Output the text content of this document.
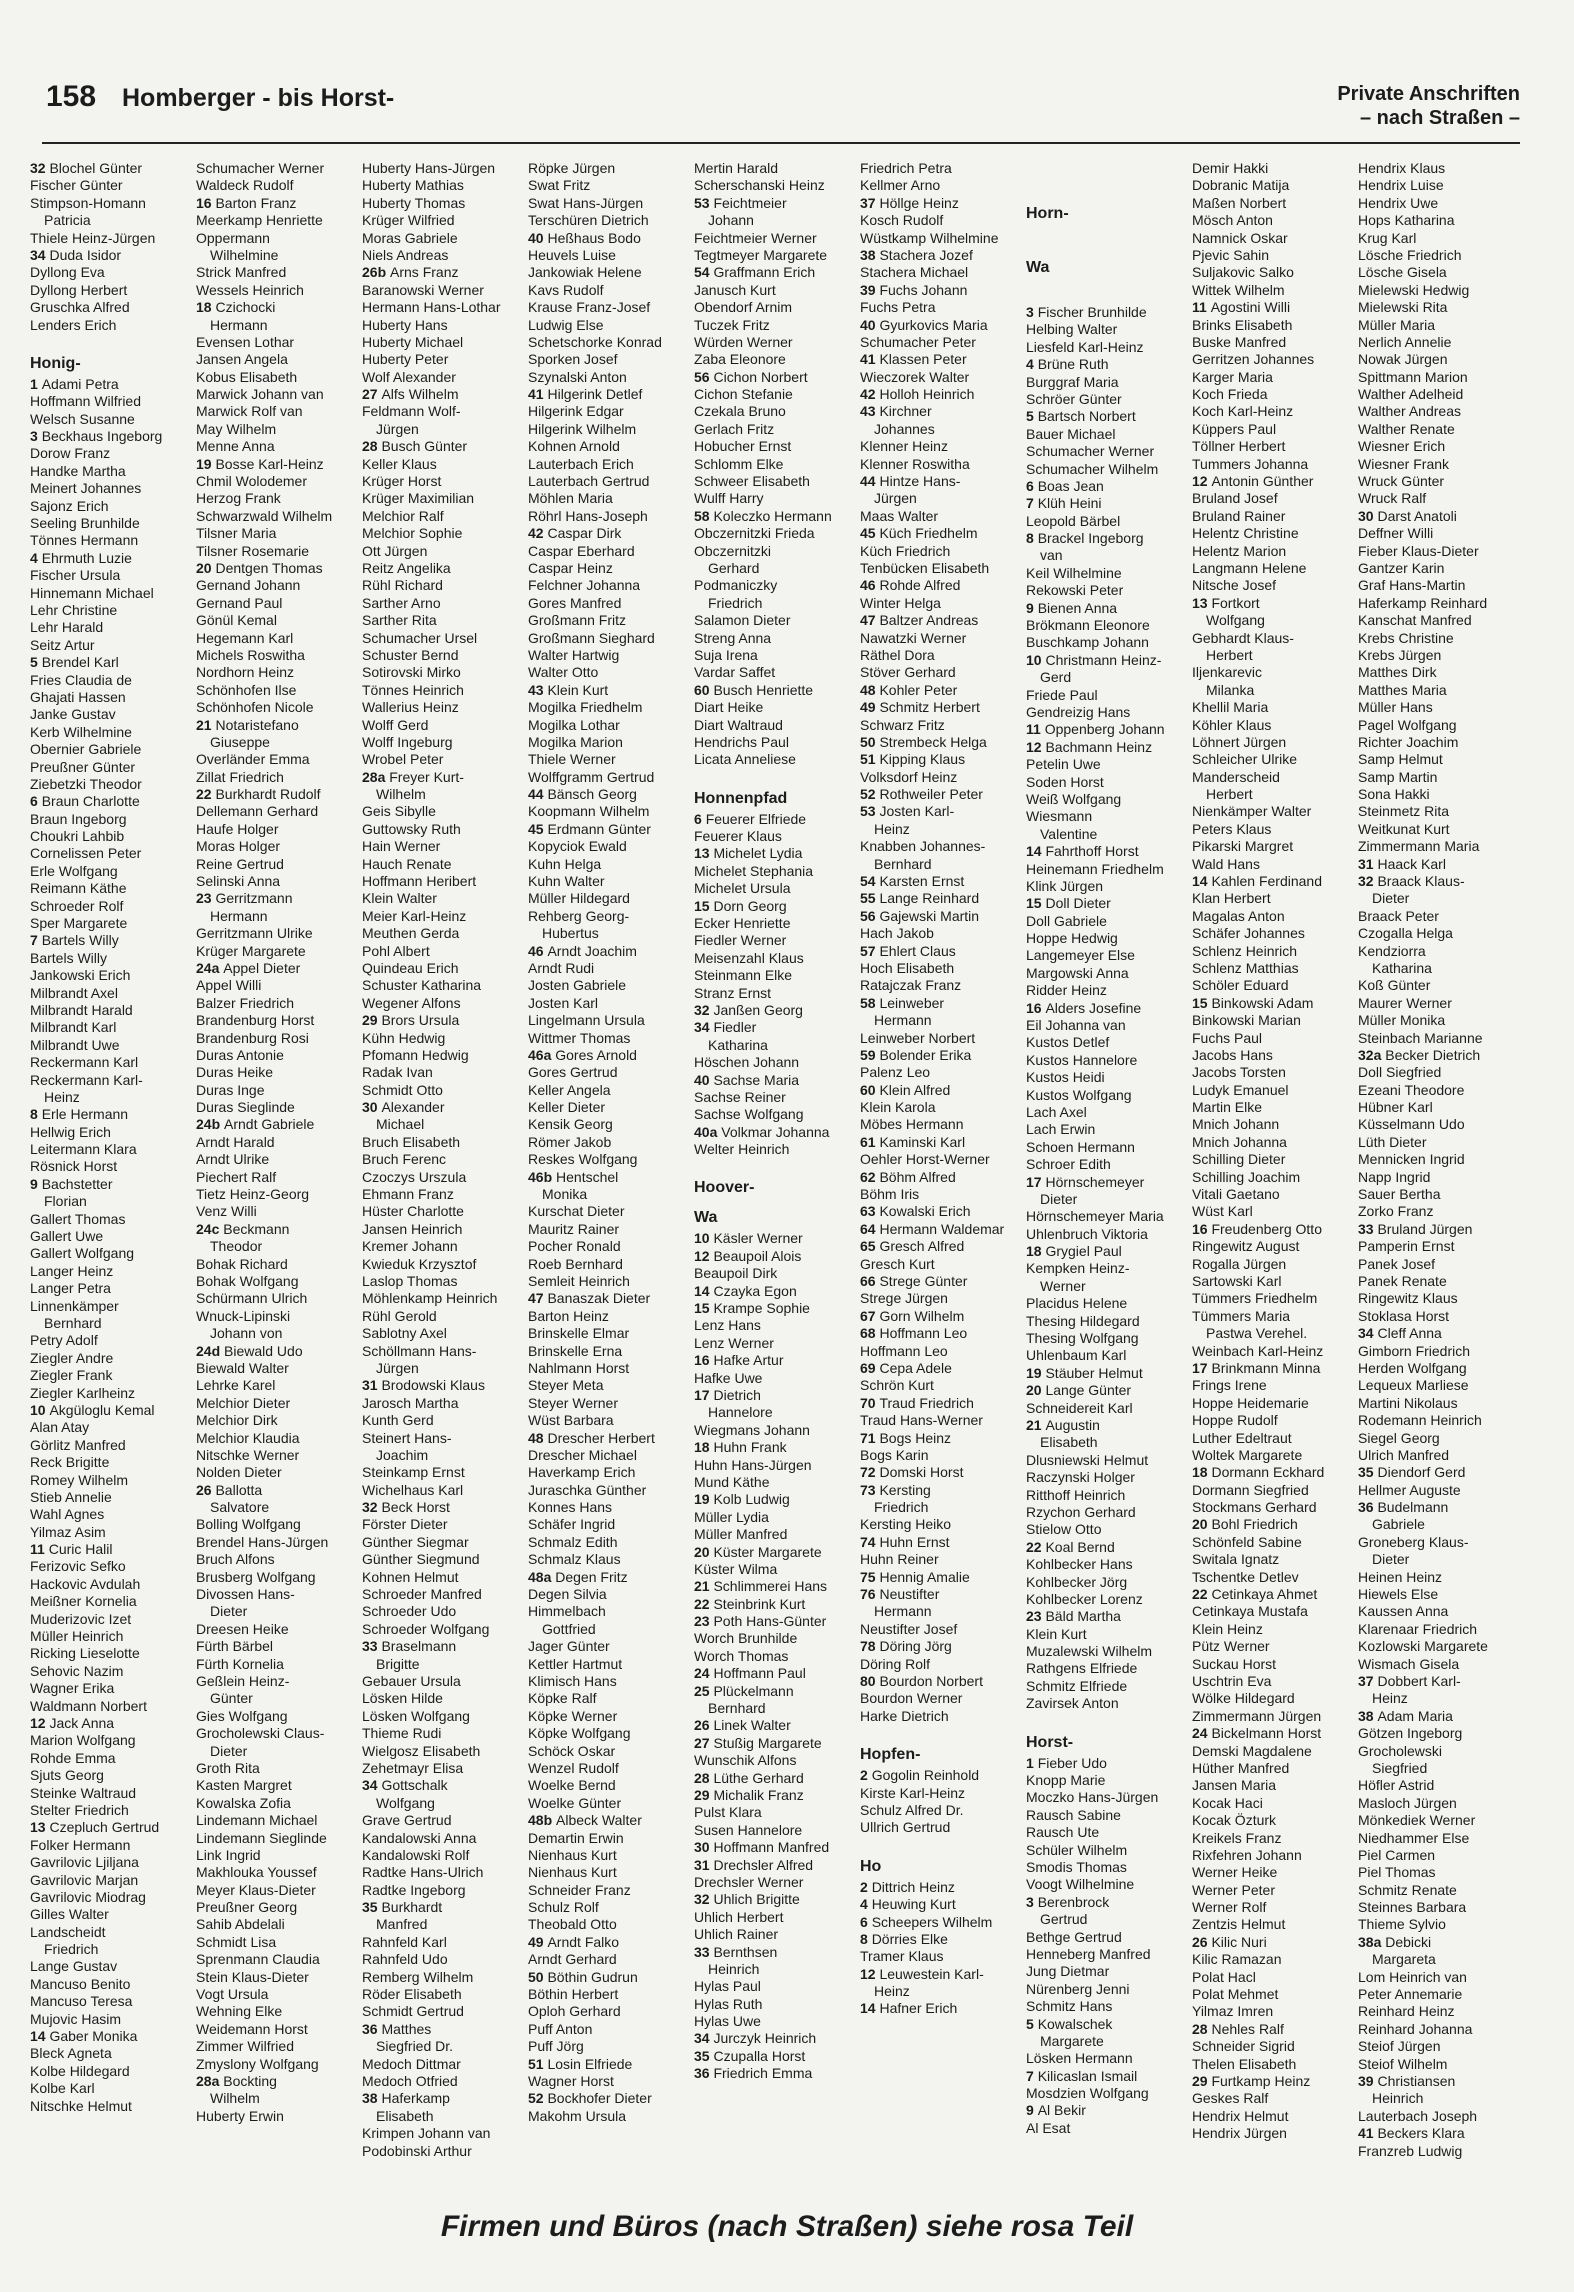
158 Homberger - bis Horst-	Private Anschriften
– nach Straßen –
32 Blochel Günter
Fischer Günter
Stimpson-Homann
Patricia
Thiele Heinz-Jürgen
34 Duda Isidor
Dyllong Eva
Dyllong Herbert
Gruschka Alfred
Lenders Erich
Honig-
1 Adami Petra
Hoffmann Wilfried
Welsch Susanne
3 Beckhaus Ingeborg
Dorow Franz
Handke Martha
Meinert Johannes
Sajonz Erich
Seeling Brunhilde
Tönnes Hermann
4 Ehrmuth Luzie
Fischer Ursula
Hinnemann Michael
Lehr Christine
Lehr Harald
Seitz Artur
5 Brendel Karl
Fries Claudia de
Ghajati Hassen
Janke Gustav
Kerb Wilhelmine
Obernier Gabriele
Preußner Günter
Ziebetzki Theodor
6 Braun Charlotte
Braun Ingeborg
Choukri Lahbib
Cornelissen Peter
Erle Wolfgang
Reimann Käthe
Schroeder Rolf
Sper Margarete
7 Bartels Willy
Bartels Willy
Jankowski Erich
Milbrandt Axel
Milbrandt Harald
Milbrandt Karl
Milbrandt Uwe
Reckermann Karl
Reckermann Karl-
Heinz
8 Erle Hermann
Hellwig Erich
Leitermann Klara
Rösnick Horst
9 Bachstetter
Florian
Gallert Thomas
Gallert Uwe
Gallert Wolfgang
Langer Heinz
Langer Petra
Linnenkämper
Bernhard
Petry Adolf
Ziegler Andre
Ziegler Frank
Ziegler Karlheinz
10 Akgüloglu Kemal
Alan Atay
Görlitz Manfred
Reck Brigitte
Romey Wilhelm
Stieb Annelie
Wahl Agnes
Yilmaz Asim
11 Curic Halil
Ferizovic Sefko
Hackovic Avdulah
Meißner Kornelia
Muderizovic Izet
Müller Heinrich
Ricking Lieselotte
Sehovic Nazim
Wagner Erika
Waldmann Norbert
12 Jack Anna
Marion Wolfgang
Rohde Emma
Sjuts Georg
Steinke Waltraud
Stelter Friedrich
13 Czepluch Gertrud
Folker Hermann
Gavrilovic Ljiljana
Gavrilovic Marjan
Gavrilovic Miodrag
Gilles Walter
Landscheidt
Friedrich
Lange Gustav
Mancuso Benito
Mancuso Teresa
Mujovic Hasim
14 Gaber Monika
Bleck Agneta
Kolbe Hildegard
Kolbe Karl
Nitschke Helmut
Schumacher Werner
Waldeck Rudolf
16 Barton Franz
Meerkamp Henriette
Oppermann
Wilhelmine
Strick Manfred
Wessels Heinrich
18 Czichocki
Hermann
Evensen Lothar
Jansen Angela
Kobus Elisabeth
Marwick Johann van
Marwick Rolf van
May Wilhelm
Menne Anna
19 Bosse Karl-Heinz
Chmil Wolodemer
Herzog Frank
Schwarzwald Wilhelm
Tilsner Maria
Tilsner Rosemarie
20 Dentgen Thomas
Gernand Johann
Gernand Paul
Gönül Kemal
Hegemann Karl
Michels Roswitha
Nordhorn Heinz
Schönhofen Ilse
Schönhofen Nicole
21 Notaristefano
Giuseppe
Overländer Emma
Zillat Friedrich
22 Burkhardt Rudolf
Dellemann Gerhard
Haufe Holger
Moras Holger
Reine Gertrud
Selinski Anna
23 Gerritzmann
Hermann
Gerritzmann Ulrike
Krüger Margarete
24a Appel Dieter
Appel Willi
Balzer Friedrich
Brandenburg Horst
Brandenburg Rosi
Duras Antonie
Duras Heike
Duras Inge
Duras Sieglinde
24b Arndt Gabriele
Arndt Harald
Arndt Ulrike
Piechert Ralf
Tietz Heinz-Georg
Venz Willi
24c Beckmann
Theodor
Bohak Richard
Bohak Wolfgang
Schürmann Ulrich
Wnuck-Lipinski
Johann von
24d Biewald Udo
Biewald Walter
Lehrke Karel
Melchior Dieter
Melchior Dirk
Melchior Klaudia
Nitschke Werner
Nolden Dieter
26 Ballotta
Salvatore
Bolling Wolfgang
Brendel Hans-Jürgen
Bruch Alfons
Brusberg Wolfgang
Divossen Hans-
Dieter
Dreesen Heike
Fürth Bärbel
Fürth Kornelia
Geßlein Heinz-
Günter
Gies Wolfgang
Grocholewski Claus-
Dieter
Groth Rita
Kasten Margret
Kowalska Zofia
Lindemann Michael
Lindemann Sieglinde
Link Ingrid
Makhlouka Youssef
Meyer Klaus-Dieter
Preußner Georg
Sahib Abdelali
Schmidt Lisa
Sprenmann Claudia
Stein Klaus-Dieter
Vogt Ursula
Wehning Elke
Weidemann Horst
Zimmer Wilfried
Zmyslony Wolfgang
28a Bockting
Wilhelm
Huberty Erwin
Huberty Hans-Jürgen
Huberty Mathias
Huberty Thomas
Krüger Wilfried
Moras Gabriele
Niels Andreas
26b Arns Franz
Baranowski Werner
Hermann Hans-Lothar
Huberty Hans
Huberty Michael
Huberty Peter
Wolf Alexander
27 Alfs Wilhelm
Feldmann Wolf-
Jürgen
28 Busch Günter
Keller Klaus
Krüger Horst
Krüger Maximilian
Melchior Ralf
Melchior Sophie
Ott Jürgen
Reitz Angelika
Rühl Richard
Sarther Arno
Sarther Rita
Schumacher Ursel
Schuster Bernd
Sotirovski Mirko
Tönnes Heinrich
Wallerius Heinz
Wolff Gerd
Wolff Ingeburg
Wrobel Peter
28a Freyer Kurt-
Wilhelm
Geis Sibylle
Guttowsky Ruth
Hain Werner
Hauch Renate
Hoffmann Heribert
Klein Walter
Meier Karl-Heinz
Meuthen Gerda
Pohl Albert
Quindeau Erich
Schuster Katharina
Wegener Alfons
29 Brors Ursula
Kühn Hedwig
Pfomann Hedwig
Radak Ivan
Schmidt Otto
30 Alexander
Michael
Bruch Elisabeth
Bruch Ferenc
Czoczys Urszula
Ehmann Franz
Hüster Charlotte
Jansen Heinrich
Kremer Johann
Kwieduk Krzysztof
Laslop Thomas
Möhlenkamp Heinrich
Rühl Gerold
Sablotny Axel
Schöllmann Hans-
Jürgen
31 Brodowski Klaus
Jarosch Martha
Kunth Gerd
Steinert Hans-
Joachim
Steinkamp Ernst
Wichelhaus Karl
32 Beck Horst
Förster Dieter
Günther Siegmar
Günther Siegmund
Kohnen Helmut
Schroeder Manfred
Schroeder Udo
Schroeder Wolfgang
33 Braselmann
Brigitte
Gebauer Ursula
Lösken Hilde
Lösken Wolfgang
Thieme Rudi
Wielgosz Elisabeth
Zehetmayr Elisa
34 Gottschalk
Wolfgang
Grave Gertrud
Kandalowski Anna
Kandalowski Rolf
Radtke Hans-Ulrich
Radtke Ingeborg
35 Burkhardt
Manfred
Rahnfeld Karl
Rahnfeld Udo
Remberg Wilhelm
Röder Elisabeth
Schmidt Gertrud
36 Matthes
Siegfried Dr.
Medoch Dittmar
Medoch Otfried
38 Haferkamp
Elisabeth
Krimpen Johann van
Podobinski Arthur
Röpke Jürgen
Swat Fritz
Swat Hans-Jürgen
Terschüren Dietrich
40 Heßhaus Bodo
Heuvels Luise
Jankowiak Helene
Kavs Rudolf
Krause Franz-Josef
Ludwig Else
Schetschorke Konrad
Sporken Josef
Szynalski Anton
41 Hilgerink Detlef
Hilgerink Edgar
Hilgerink Wilhelm
Kohnen Arnold
Lauterbach Erich
Lauterbach Gertrud
Möhlen Maria
Röhrl Hans-Joseph
42 Caspar Dirk
Caspar Eberhard
Caspar Heinz
Felchner Johanna
Gores Manfred
Großmann Fritz
Großmann Sieghard
Walter Hartwig
Walter Otto
43 Klein Kurt
Mogilka Friedhelm
Mogilka Lothar
Mogilka Marion
Thiele Werner
Wolffgramm Gertrud
44 Bänsch Georg
Koopmann Wilhelm
45 Erdmann Günter
Kopyciok Ewald
Kuhn Helga
Kuhn Walter
Müller Hildegard
Rehberg Georg-
Hubertus
46 Arndt Joachim
Arndt Rudi
Josten Gabriele
Josten Karl
Lingelmann Ursula
Wittmer Thomas
46a Gores Arnold
Gores Gertrud
Keller Angela
Keller Dieter
Kensik Georg
Römer Jakob
Reskes Wolfgang
46b Hentschel
Monika
Kurschat Dieter
Mauritz Rainer
Pocher Ronald
Roeb Bernhard
Semleit Heinrich
47 Banaszak Dieter
Barton Heinz
Brinskelle Elmar
Brinskelle Erna
Nahlmann Horst
Steyer Meta
Steyer Werner
Wüst Barbara
48 Drescher Herbert
Drescher Michael
Haverkamp Erich
Juraschka Günther
Konnes Hans
Schäfer Ingrid
Schmalz Edith
Schmalz Klaus
48a Degen Fritz
Degen Silvia
Himmelbach
Gottfried
Jager Günter
Kettler Hartmut
Klimisch Hans
Köpke Ralf
Köpke Werner
Köpke Wolfgang
Schöck Oskar
Wenzel Rudolf
Woelke Bernd
Woelke Günter
48b Albeck Walter
Demartin Erwin
Nienhaus Kurt
Nienhaus Kurt
Schneider Franz
Schulz Rolf
Theobald Otto
49 Arndt Falko
Arndt Gerhard
50 Böthin Gudrun
Böthin Herbert
Oploh Gerhard
Puff Anton
Puff Jörg
51 Losin Elfriede
Wagner Horst
52 Bockhofer Dieter
Makohm Ursula
Mertin Harald
Scherschanski Heinz
53 Feichtmeier
Johann
Feichtmeier Werner
Tegtmeyer Margarete
54 Graffmann Erich
Janusch Kurt
Obendorf Arnim
Tuczek Fritz
Würden Werner
Zaba Eleonore
56 Cichon Norbert
Cichon Stefanie
Czekala Bruno
Gerlach Fritz
Hobucher Ernst
Schlomm Elke
Schweer Elisabeth
Wulff Harry
58 Koleczko Hermann
Obczernitzki Frieda
Obczernitzki
Gerhard
Podmaniczky
Friedrich
Salamon Dieter
Streng Anna
Suja Irena
Vardar Saffet
60 Busch Henriette
Diart Heike
Diart Waltraud
Hendrichs Paul
Licata Anneliese
Honnenpfad
6 Feuerer Elfriede
Feuerer Klaus
13 Michelet Lydia
Michelet Stephania
Michelet Ursula
15 Dorn Georg
Ecker Henriette
Fiedler Werner
Meisenzahl Klaus
Steinmann Elke
Stranz Ernst
32 Janßen Georg
34 Fiedler
Katharina
Höschen Johann
40 Sachse Maria
Sachse Reiner
Sachse Wolfgang
40a Volkmar Johanna
Welter Heinrich
Hoover-
Wa
10 Käsler Werner
12 Beaupoil Alois
Beaupoil Dirk
14 Czayka Egon
15 Krampe Sophie
Lenz Hans
Lenz Werner
16 Hafke Artur
Hafke Uwe
17 Dietrich
Hannelore
Wiegmans Johann
18 Huhn Frank
Huhn Hans-Jürgen
Mund Käthe
19 Kolb Ludwig
Müller Lydia
Müller Manfred
20 Küster Margarete
Küster Wilma
21 Schlimmerei Hans
22 Steinbrink Kurt
23 Poth Hans-Günter
Worch Brunhilde
Worch Thomas
24 Hoffmann Paul
25 Plückelmann
Bernhard
26 Linek Walter
27 Stußig Margarete
Wunschik Alfons
28 Lüthe Gerhard
29 Michalik Franz
Pulst Klara
Susen Hannelore
30 Hoffmann Manfred
31 Drechsler Alfred
Drechsler Werner
32 Uhlich Brigitte
Uhlich Herbert
Uhlich Rainer
33 Bernthsen
Heinrich
Hylas Paul
Hylas Ruth
Hylas Uwe
34 Jurczyk Heinrich
35 Czupalla Horst
36 Friedrich Emma
Friedrich Petra
Kellmer Arno
37 Höllge Heinz
Kosch Rudolf
Wüstkamp Wilhelmine
38 Stachera Jozef
Stachera Michael
39 Fuchs Johann
Fuchs Petra
40 Gyurkovics Maria
Schumacher Peter
41 Klassen Peter
Wieczorek Walter
42 Holloh Heinrich
43 Kirchner
Johannes
Klenner Heinz
Klenner Roswitha
44 Hintze Hans-
Jürgen
Maas Walter
45 Küch Friedhelm
Küch Friedrich
Tenbücken Elisabeth
46 Rohde Alfred
Winter Helga
47 Baltzer Andreas
Nawatzki Werner
Räthel Dora
Stöver Gerhard
48 Kohler Peter
49 Schmitz Herbert
Schwarz Fritz
50 Strembeck Helga
51 Kipping Klaus
Volksdorf Heinz
52 Rothweiler Peter
53 Josten Karl-
Heinz
Knabben Johannes-
Bernhard
54 Karsten Ernst
55 Lange Reinhard
56 Gajewski Martin
Hach Jakob
57 Ehlert Claus
Hoch Elisabeth
Ratajczak Franz
58 Leinweber
Hermann
Leinweber Norbert
59 Bolender Erika
Palenz Leo
60 Klein Alfred
Klein Karola
Möbes Hermann
61 Kaminski Karl
Oehler Horst-Werner
62 Böhm Alfred
Böhm Iris
63 Kowalski Erich
64 Hermann Waldemar
65 Gresch Alfred
Gresch Kurt
66 Strege Günter
Strege Jürgen
67 Gorn Wilhelm
68 Hoffmann Leo
Hoffmann Leo
69 Cepa Adele
Schrön Kurt
70 Traud Friedrich
Traud Hans-Werner
71 Bogs Heinz
Bogs Karin
72 Domski Horst
73 Kersting
Friedrich
Kersting Heiko
74 Huhn Ernst
Huhn Reiner
75 Hennig Amalie
76 Neustifter
Hermann
Neustifter Josef
78 Döring Jörg
Döring Rolf
80 Bourdon Norbert
Bourdon Werner
Harke Dietrich
Hopfen-
2 Gogolin Reinhold
Kirste Karl-Heinz
Schulz Alfred Dr.
Ullrich Gertrud
Ho
2 Dittrich Heinz
4 Heuwing Kurt
6 Scheepers Wilhelm
8 Dörries Elke
Tramer Klaus
12 Leuwestein Karl-
Heinz
14 Hafner Erich
Horn-
Wa
3 Fischer Brunhilde
Helbing Walter
Liesfeld Karl-Heinz
4 Brüne Ruth
Burggraf Maria
Schröer Günter
5 Bartsch Norbert
Bauer Michael
Schumacher Werner
Schumacher Wilhelm
6 Boas Jean
7 Klüh Heini
Leopold Bärbel
8 Brackel Ingeborg
van
Keil Wilhelmine
Rekowski Peter
9 Bienen Anna
Brökmann Eleonore
Buschkamp Johann
10 Christmann Heinz-
Gerd
Friede Paul
Gendreizig Hans
11 Oppenberg Johann
12 Bachmann Heinz
Petelin Uwe
Soden Horst
Weiß Wolfgang
Wiesmann
Valentine
14 Fahrthoff Horst
Heinemann Friedhelm
Klink Jürgen
15 Doll Dieter
Doll Gabriele
Hoppe Hedwig
Langemeyer Else
Margowski Anna
Ridder Heinz
16 Alders Josefine
Eil Johanna van
Kustos Detlef
Kustos Hannelore
Kustos Heidi
Kustos Wolfgang
Lach Axel
Lach Erwin
Schoen Hermann
Schroer Edith
17 Hörnschemeyer
Dieter
Hörnschemeyer Maria
Uhlenbruch Viktoria
18 Grygiel Paul
Kempken Heinz-
Werner
Placidus Helene
Thesing Hildegard
Thesing Wolfgang
Uhlenbaum Karl
19 Stäuber Helmut
20 Lange Günter
Schneidereit Karl
21 Augustin
Elisabeth
Dlusniewski Helmut
Raczynski Holger
Ritthoff Heinrich
Rzychon Gerhard
Stielow Otto
22 Koal Bernd
Kohlbecker Hans
Kohlbecker Jörg
Kohlbecker Lorenz
23 Bäld Martha
Klein Kurt
Muzalewski Wilhelm
Rathgens Elfriede
Schmitz Elfriede
Zavirsek Anton
Horst-
1 Fieber Udo
Knopp Marie
Moczko Hans-Jürgen
Rausch Sabine
Rausch Ute
Schüler Wilhelm
Smodis Thomas
Voogt Wilhelmine
3 Berenbrock
Gertrud
Bethge Gertrud
Henneberg Manfred
Jung Dietmar
Nürenberg Jenni
Schmitz Hans
5 Kowalschek
Margarete
Lösken Hermann
7 Kilicaslan Ismail
Mosdzien Wolfgang
9 Al Bekir
Al Esat
Demir Hakki
Dobranic Matija
Maßen Norbert
Mösch Anton
Namnick Oskar
Pjevic Sahin
Suljakovic Salko
Wittek Wilhelm
11 Agostini Willi
Brinks Elisabeth
Buske Manfred
Gerritzen Johannes
Karger Maria
Koch Frieda
Koch Karl-Heinz
Küppers Paul
Töllner Herbert
Tummers Johanna
12 Antonin Günther
Bruland Josef
Bruland Rainer
Helentz Christine
Helentz Marion
Langmann Helene
Nitsche Josef
13 Fortkort
Wolfgang
Gebhardt Klaus-
Herbert
Iljenkarevic
Milanka
Khellil Maria
Köhler Klaus
Löhnert Jürgen
Schleicher Ulrike
Manderscheid
Herbert
Nienkämper Walter
Peters Klaus
Pikarski Margret
Wald Hans
14 Kahlen Ferdinand
Klan Herbert
Magalas Anton
Schäfer Johannes
Schlenz Heinrich
Schlenz Matthias
Schöler Eduard
15 Binkowski Adam
Binkowski Marian
Fuchs Paul
Jacobs Hans
Jacobs Torsten
Ludyk Emanuel
Martin Elke
Mnich Johann
Mnich Johanna
Schilling Dieter
Schilling Joachim
Vitali Gaetano
Wüst Karl
16 Freudenberg Otto
Ringewitz August
Rogalla Jürgen
Sartowski Karl
Tümmers Friedhelm
Tümmers Maria
Pastwa Verehel.
Weinbach Karl-Heinz
17 Brinkmann Minna
Frings Irene
Hoppe Heidemarie
Hoppe Rudolf
Luther Edeltraut
Woltek Margarete
18 Dormann Eckhard
Dormann Siegfried
Stockmans Gerhard
20 Bohl Friedrich
Schönfeld Sabine
Switala Ignatz
Tschentke Detlev
22 Cetinkaya Ahmet
Cetinkaya Mustafa
Klein Heinz
Pütz Werner
Suckau Horst
Uschtrin Eva
Wölke Hildegard
Zimmermann Jürgen
24 Bickelmann Horst
Demski Magdalene
Hüther Manfred
Jansen Maria
Kocak Haci
Kocak Özturk
Kreikels Franz
Rixfehren Johann
Werner Heike
Werner Peter
Werner Rolf
Zentzis Helmut
26 Kilic Nuri
Kilic Ramazan
Polat Hacl
Polat Mehmet
Yilmaz Imren
28 Nehles Ralf
Schneider Sigrid
Thelen Elisabeth
29 Furtkamp Heinz
Geskes Ralf
Hendrix Helmut
Hendrix Jürgen
Hendrix Klaus
Hendrix Luise
Hendrix Uwe
Hops Katharina
Krug Karl
Lösche Friedrich
Lösche Gisela
Mielewski Hedwig
Mielewski Rita
Müller Maria
Nerlich Annelie
Nowak Jürgen
Spittmann Marion
Walther Adelheid
Walther Andreas
Walther Renate
Wiesner Erich
Wiesner Frank
Wruck Günter
Wruck Ralf
30 Darst Anatoli
Deffner Willi
Fieber Klaus-Dieter
Gantzer Karin
Graf Hans-Martin
Haferkamp Reinhard
Kanschat Manfred
Krebs Christine
Krebs Jürgen
Matthes Dirk
Matthes Maria
Müller Hans
Pagel Wolfgang
Richter Joachim
Samp Helmut
Samp Martin
Sona Hakki
Steinmetz Rita
Weitkunat Kurt
Zimmermann Maria
31 Haack Karl
32 Braack Klaus-
Dieter
Braack Peter
Czogalla Helga
Kendziorra
Katharina
Koß Günter
Maurer Werner
Müller Monika
Steinbach Marianne
32a Becker Dietrich
Doll Siegfried
Ezeani Theodore
Hübner Karl
Küsselmann Udo
Lüth Dieter
Mennicken Ingrid
Napp Ingrid
Sauer Bertha
Zorko Franz
33 Bruland Jürgen
Pamperin Ernst
Panek Josef
Panek Renate
Ringewitz Klaus
Stoklasa Horst
34 Cleff Anna
Gimborn Friedrich
Herden Wolfgang
Lequeux Marliese
Martini Nikolaus
Rodemann Heinrich
Siegel Georg
Ulrich Manfred
35 Diendorf Gerd
Hellmer Auguste
36 Budelmann
Gabriele
Groneberg Klaus-
Dieter
Heinen Heinz
Hiewels Else
Kaussen Anna
Klarenaar Friedrich
Kozlowski Margarete
Wismach Gisela
37 Dobbert Karl-
Heinz
38 Adam Maria
Götzen Ingeborg
Grocholewski
Siegfried
Höfler Astrid
Masloch Jürgen
Mönkediek Werner
Niedhammer Else
Piel Carmen
Piel Thomas
Schmitz Renate
Steinnes Barbara
Thieme Sylvio
38a Debicki
Margareta
Lom Heinrich van
Peter Annemarie
Reinhard Heinz
Reinhard Johanna
Steiof Jürgen
Steiof Wilhelm
39 Christiansen
Heinrich
Lauterbach Joseph
41 Beckers Klara
Franzreb Ludwig
Firmen und Büros (nach Straßen) siehe rosa Teil
